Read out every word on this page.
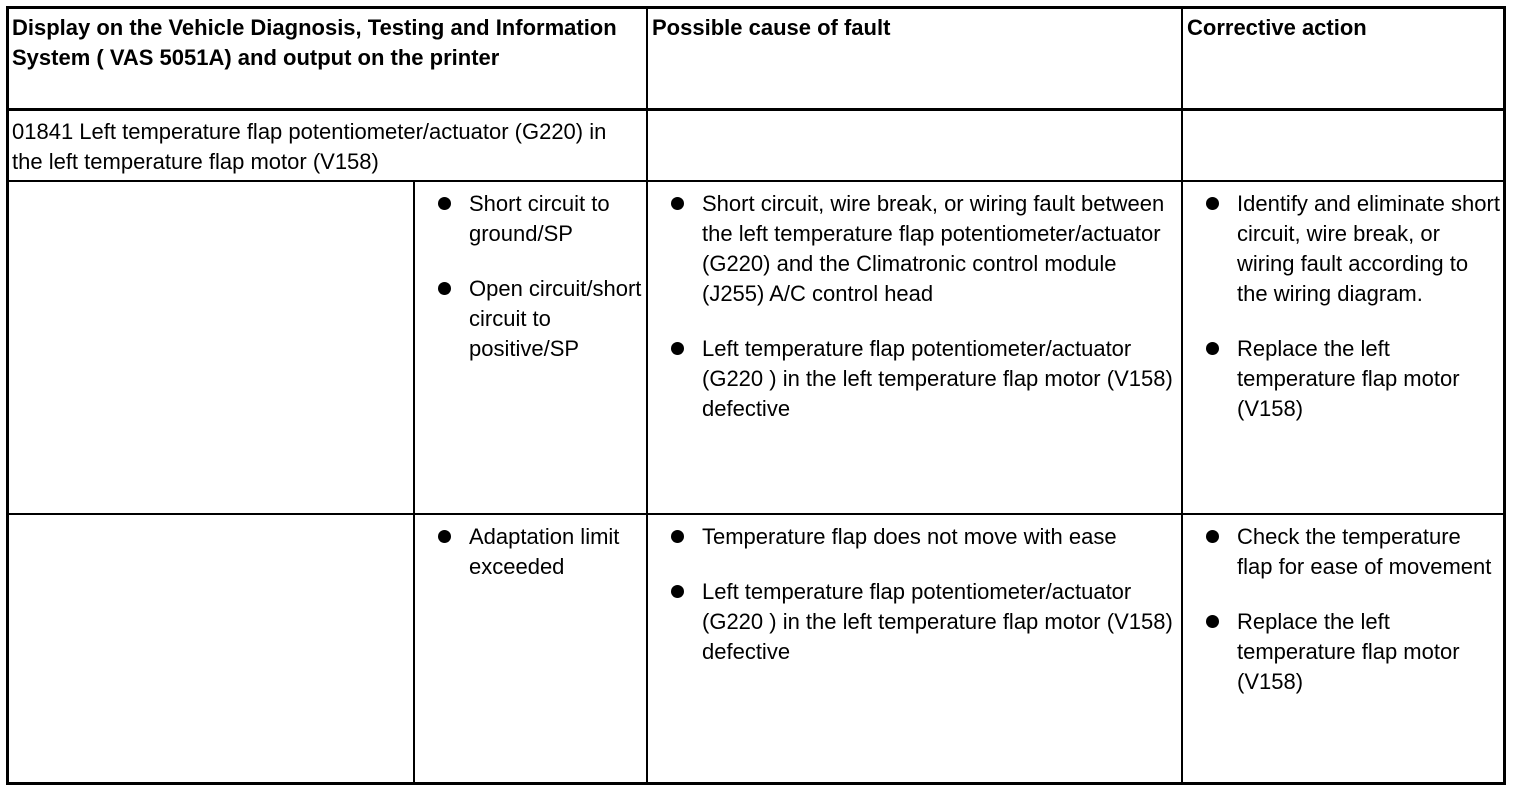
Display on the Vehicle Diagnosis, Testing and Information System ( VAS 5051A) and output on the printer
Possible cause of fault	Corrective action
01841 Left temperature flap potentiometer/actuator (G220) in the left temperature flap motor (V158)
Short circuit to ground/SP
Open circuit/short circuit to positive/SP
Short circuit, wire break, or wiring fault between the left temperature flap potentiometer/actuator (G220) and the Climatronic control module (J255) A/C control head
Left temperature flap potentiometer/actuator (G220 ) in the left temperature flap motor (V158) defective
Identify and eliminate short circuit, wire break, or wiring fault according to the wiring diagram.
Replace the left temperature flap motor (V158)
Adaptation limit exceeded
Temperature flap does not move with ease
Left temperature flap potentiometer/actuator (G220 ) in the left temperature flap motor (V158) defective
Check the temperature flap for ease of movement
Replace the left temperature flap motor (V158)
